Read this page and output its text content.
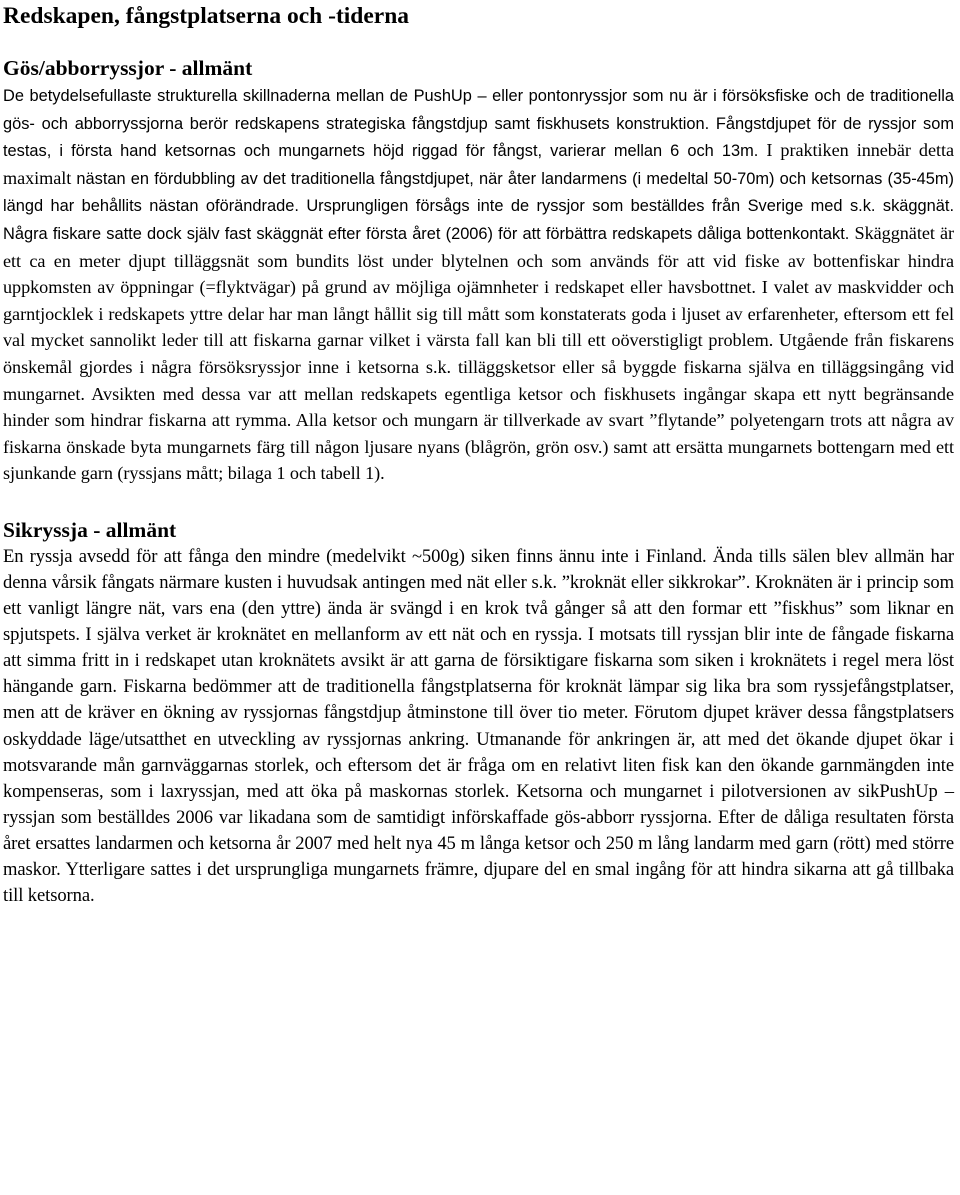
Redskapen, fångstplatserna och -tiderna
Gös/abborryssjor - allmänt

De betydelsefullaste strukturella skillnaderna mellan de PushUp – eller pontonryssjor som nu är i försöksfiske och de traditionella gös- och abborryssjorna berör redskapens strategiska fångstdjup samt fiskhusets konstruktion. Fångstdjupet för de ryssjor som testas, i första hand ketsornas och mungarnets höjd riggad för fångst, varierar mellan 6 och 13m. I praktiken innebär detta maximalt nästan en fördubbling av det traditionella fångstdjupet, när åter landarmens (i medeltal 50-70m) och ketsornas (35-45m) längd har behållits nästan oförändrade. Ursprungligen försågs inte de ryssjor som beställdes från Sverige med s.k. skäggnät. Några fiskare satte dock själv fast skäggnät efter första året (2006) för att förbättra redskapets dåliga bottenkontakt. Skäggnätet är ett ca en meter djupt tilläggsnät som bundits löst under blytelnen och som används för att vid fiske av bottenfiskar hindra uppkomsten av öppningar (=flyktvägar) på grund av möjliga ojämnheter i redskapet eller havsbottnet. I valet av maskvidder och garntjocklek i redskapets yttre delar har man långt hållit sig till mått som konstaterats goda i ljuset av erfarenheter, eftersom ett fel val mycket sannolikt leder till att fiskarna garnar vilket i värsta fall kan bli till ett oöverstigligt problem. Utgående från fiskarens önskemål gjordes i några försöksryssjor inne i ketsorna s.k. tilläggsketsor eller så byggde fiskarna själva en tilläggsingång vid mungarnet. Avsikten med dessa var att mellan redskapets egentliga ketsor och fiskhusets ingångar skapa ett nytt begränsande hinder som hindrar fiskarna att rymma. Alla ketsor och mungarn är tillverkade av svart ”flytande” polyetengarn trots att några av fiskarna önskade byta mungarnets färg till någon ljusare nyans (blågrön, grön osv.) samt att ersätta mungarnets bottengarn med ett sjunkande garn (ryssjans mått; bilaga 1 och tabell 1).

Sikryssja - allmänt

En ryssja avsedd för att fånga den mindre (medelvikt ~500g) siken finns ännu inte i Finland. Ända tills sälen blev allmän har denna vårsik fångats närmare kusten i huvudsak antingen med nät eller s.k. ”kroknät eller sikkrokar”. Kroknäten är i princip som ett vanligt längre nät, vars ena (den yttre) ända är svängd i en krok två gånger så att den formar ett ”fiskhus” som liknar en spjutspets. I själva verket är kroknätet en mellanform av ett nät och en ryssja. I motsats till ryssjan blir inte de fångade fiskarna att simma fritt in i redskapet utan kroknätets avsikt är att garna de försiktigare fiskarna som siken i kroknätets i regel mera löst hängande garn. Fiskarna bedömmer att de traditionella fångstplatserna för kroknät lämpar sig lika bra som ryssjefångstplatser, men att de kräver en ökning av ryssjornas fångstdjup åtminstone till över tio meter. Förutom djupet kräver dessa fångstplatsers oskyddade läge/utsatthet en utveckling av ryssjornas ankring. Utmanande för ankringen är, att med det ökande djupet ökar i motsvarande mån garnväggarnas storlek, och eftersom det är fråga om en relativt liten fisk kan den ökande garnmängden inte kompenseras, som i laxryssjan, med att öka på maskornas storlek. Ketsorna och mungarnet i pilotversionen av sikPushUp –ryssjan som beställdes 2006 var likadana som de samtidigt införskaffade gös-abborr ryssjorna. Efter de dåliga resultaten första året ersattes landarmen och ketsorna år 2007 med helt nya 45 m långa ketsor och 250 m lång landarm med garn (rött) med större maskor. Ytterligare sattes i det ursprungliga mungarnets främre, djupare del en smal ingång för att hindra sikarna att gå tillbaka till ketsorna.
